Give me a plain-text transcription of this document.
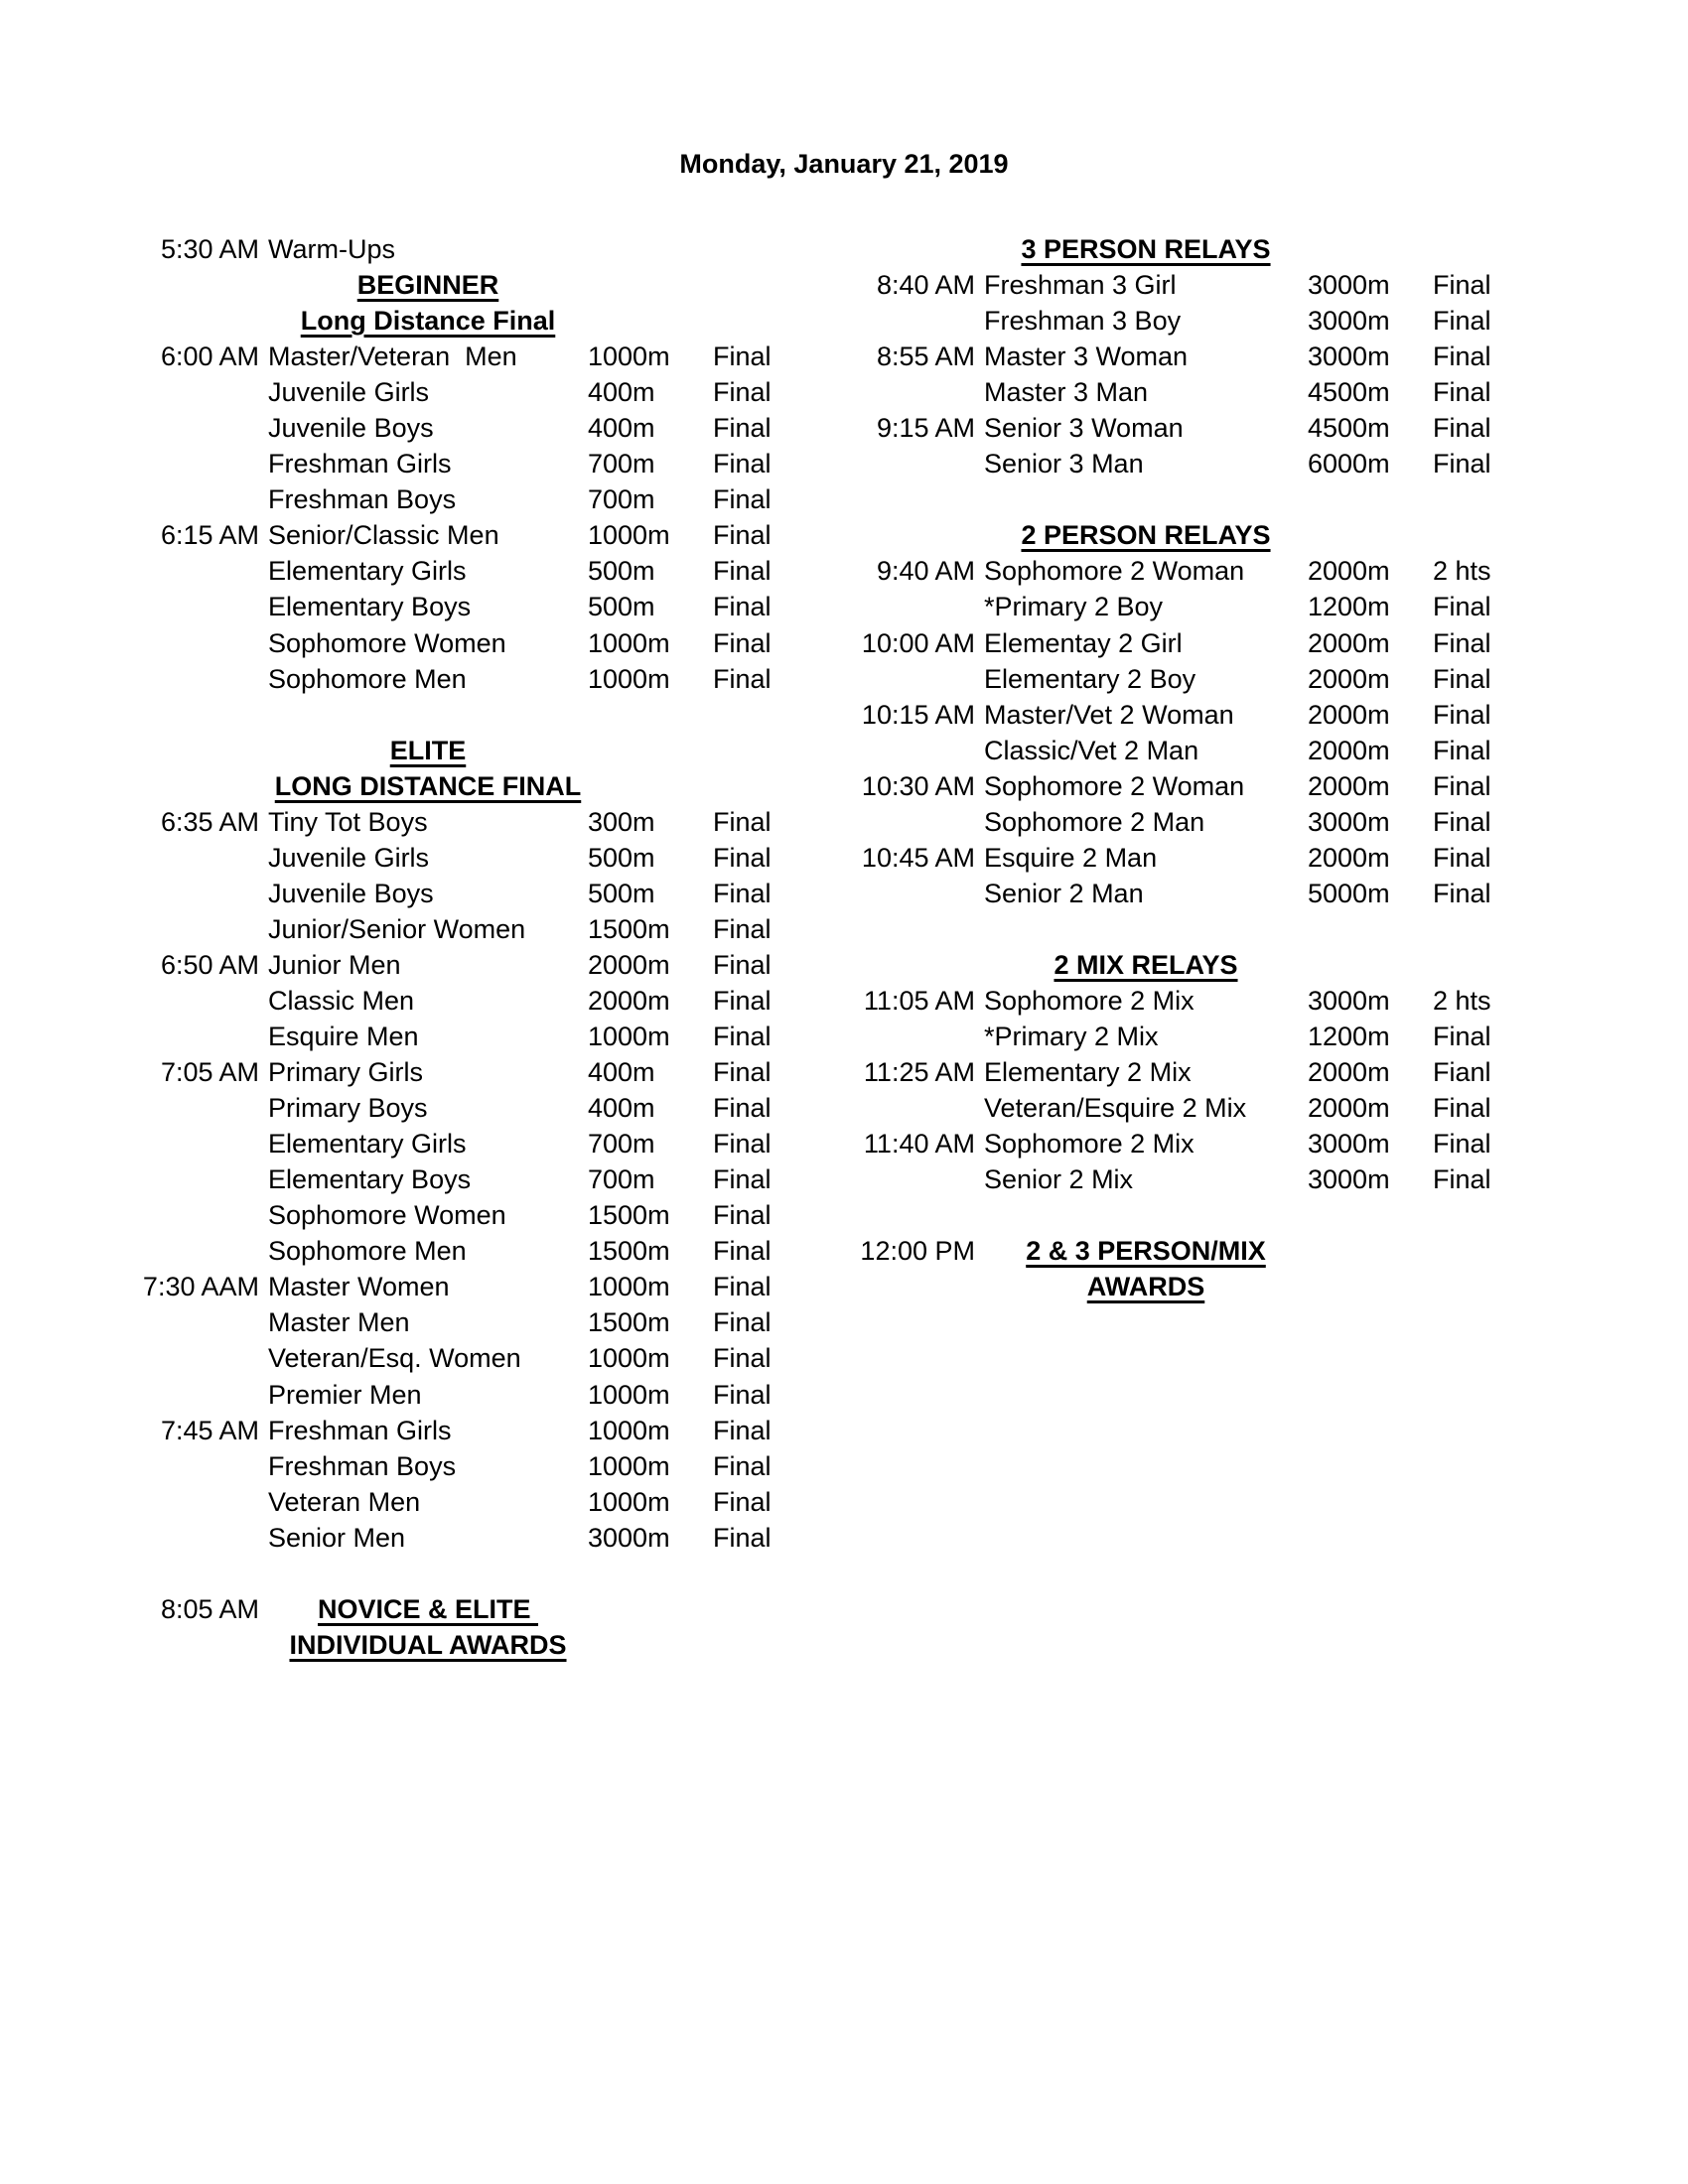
Monday, January 21, 2019
5:30 AM Warm-Ups
BEGINNER
Long Distance Final
6:00 AM Master/Veteran  Men	1000m	Final
Juvenile Girls	400m	Final
Juvenile Boys	400m	Final
Freshman Girls	700m	Final
Freshman Boys	700m	Final
6:15 AM Senior/Classic Men	1000m	Final
Elementary Girls	500m	Final
Elementary Boys	500m	Final
Sophomore Women	1000m	Final
Sophomore Men	1000m	Final
ELITE
LONG DISTANCE FINAL
6:35 AM Tiny Tot Boys	300m	Final
Juvenile Girls	500m	Final
Juvenile Boys	500m	Final
Junior/Senior Women	1500m	Final
6:50 AM Junior Men	2000m	Final
Classic Men	2000m	Final
Esquire Men	1000m	Final
7:05 AM Primary Girls	400m	Final
Primary Boys	400m	Final
Elementary Girls	700m	Final
Elementary Boys	700m	Final
Sophomore Women	1500m	Final
Sophomore Men	1500m	Final
7:30 AAM Master Women	1000m	Final
Master Men	1500m	Final
Veteran/Esq. Women	1000m	Final
Premier Men	1000m	Final
7:45 AM Freshman Girls	1000m	Final
Freshman Boys	1000m	Final
Veteran Men	1000m	Final
Senior Men	3000m	Final
8:05 AM	NOVICE & ELITE
INDIVIDUAL AWARDS
3 PERSON RELAYS
8:40 AM Freshman 3 Girl	3000m	Final
Freshman 3 Boy	3000m	Final
8:55 AM Master 3 Woman	3000m	Final
Master 3 Man	4500m	Final
9:15 AM Senior 3 Woman	4500m	Final
Senior 3 Man	6000m	Final
2 PERSON RELAYS
9:40 AM Sophomore 2 Woman	2000m	2 hts
*Primary 2 Boy	1200m	Final
10:00 AM Elementay 2 Girl	2000m	Final
Elementary 2 Boy	2000m	Final
10:15 AM Master/Vet 2 Woman	2000m	Final
Classic/Vet 2 Man	2000m	Final
10:30 AM Sophomore 2 Woman	2000m	Final
Sophomore 2 Man	3000m	Final
10:45 AM Esquire 2 Man	2000m	Final
Senior 2 Man	5000m	Final
2 MIX RELAYS
11:05 AM Sophomore 2 Mix	3000m	2 hts
*Primary 2 Mix	1200m	Final
11:25 AM Elementary 2 Mix	2000m	Fianl
Veteran/Esquire 2 Mix	2000m	Final
11:40 AM Sophomore 2 Mix	3000m	Final
Senior 2 Mix	3000m	Final
12:00 PM	2 & 3 PERSON/MIX
AWARDS
